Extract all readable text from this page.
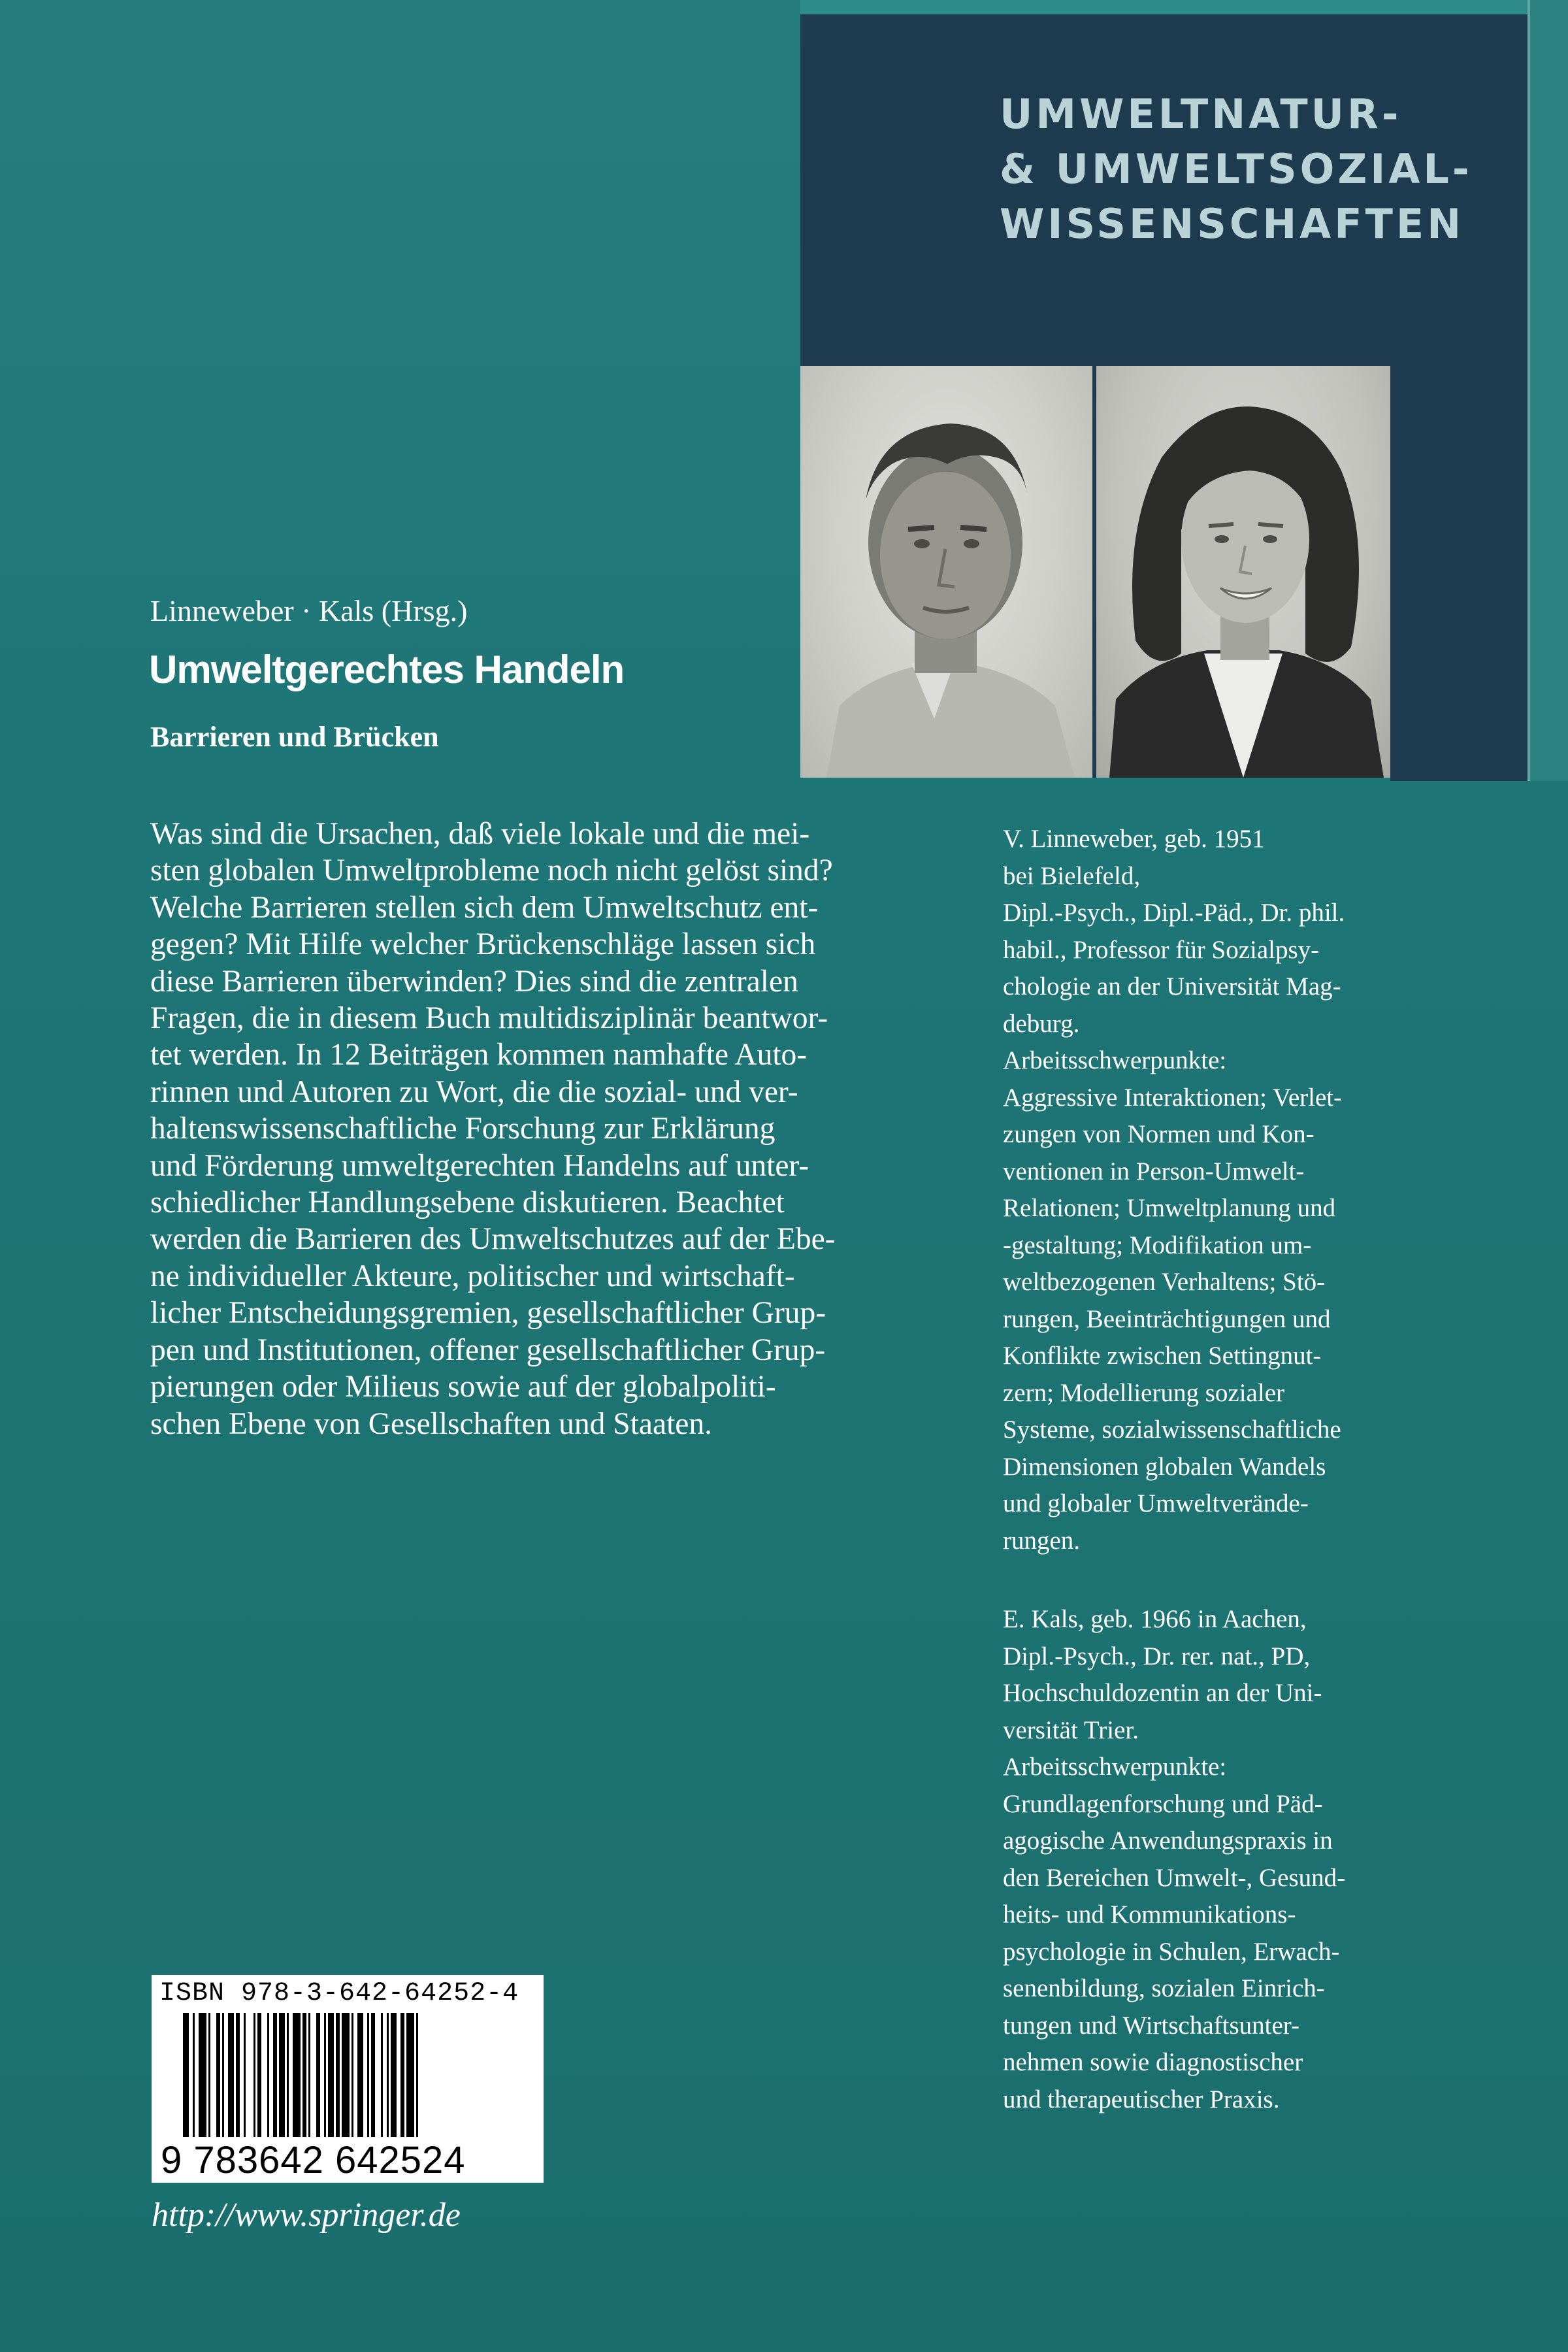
UMWELTNATUR-
& UMWELTSOZIAL-
WISSENSCHAFTEN
Linneweber · Kals (Hrsg.)
Umweltgerechtes Handeln
Barrieren und Brücken
Was sind die Ursachen, daß viele lokale und die mei-
sten globalen Umweltprobleme noch nicht gelöst sind?
Welche Barrieren stellen sich dem Umweltschutz ent-
gegen? Mit Hilfe welcher Brückenschläge lassen sich
diese Barrieren überwinden? Dies sind die zentralen
Fragen, die in diesem Buch multidisziplinär beantwor-
tet werden. In 12 Beiträgen kommen namhafte Auto-
rinnen und Autoren zu Wort, die die sozial- und ver-
haltenswissenschaftliche Forschung zur Erklärung
und Förderung umweltgerechten Handelns auf unter-
schiedlicher Handlungsebene diskutieren. Beachtet
werden die Barrieren des Umweltschutzes auf der Ebe-
ne individueller Akteure, politischer und wirtschaft-
licher Entscheidungsgremien, gesellschaftlicher Grup-
pen und Institutionen, offener gesellschaftlicher Grup-
pierungen oder Milieus sowie auf der globalpoliti-
schen Ebene von Gesellschaften und Staaten.
V. Linneweber, geb. 1951
bei Bielefeld,
Dipl.-Psych., Dipl.-Päd., Dr. phil.
habil., Professor für Sozialpsy-
chologie an der Universität Mag-
deburg.
Arbeitsschwerpunkte:
Aggressive Interaktionen; Verlet-
zungen von Normen und Kon-
ventionen in Person-Umwelt-
Relationen; Umweltplanung und
-gestaltung; Modifikation um-
weltbezogenen Verhaltens; Stö-
rungen, Beeinträchtigungen und
Konflikte zwischen Settingnut-
zern; Modellierung sozialer
Systeme, sozialwissenschaftliche
Dimensionen globalen Wandels
und globaler Umweltverände-
rungen.
E. Kals, geb. 1966 in Aachen,
Dipl.-Psych., Dr. rer. nat., PD,
Hochschuldozentin an der Uni-
versität Trier.
Arbeitsschwerpunkte:
Grundlagenforschung und Päd-
agogische Anwendungspraxis in
den Bereichen Umwelt-, Gesund-
heits- und Kommunikations-
psychologie in Schulen, Erwach-
senenbildung, sozialen Einrich-
tungen und Wirtschaftsunter-
nehmen sowie diagnostischer
und therapeutischer Praxis.
ISBN 978-3-642-64252-4
9 783642 642524
http://www.springer.de
